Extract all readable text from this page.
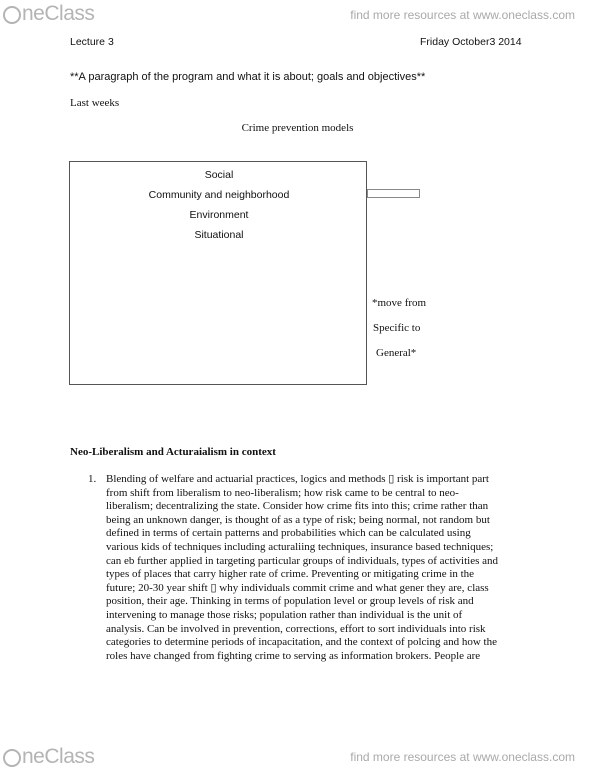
neClass	find more resources at www.oneclass.com
Lecture 3	Friday October3 2014
**A paragraph of the program and what it is about; goals and objectives**
Last weeks
Crime prevention models
Social
Community and neighborhood
Environment
Situational
*move from
Specific to
General*
Neo-Liberalism and Acturaialism in context
1. Blending of welfare and actuarial practices, logics and methods ▯ risk is important part

from shift from liberalism to neo-liberalism; how risk came to be central to neo-

liberalism; decentralizing the state. Consider how crime fits into this; crime rather than

being an unknown danger, is thought of as a type of risk; being normal, not random but

defined in terms of certain patterns and probabilities which can be calculated using

various kids of techniques including acturaliing techniques, insurance based techniques;

can eb further applied in targeting particular groups of individuals, types of activities and

types of places that carry higher rate of crime. Preventing or mitigating crime in the

future; 20-30 year shift ▯ why individuals commit crime and what gener they are, class

position, their age. Thinking in terms of population level or group levels of risk and

intervening to manage those risks; population rather than individual is the unit of

analysis. Can be involved in prevention, corrections, effort to sort individuals into risk

categories to determine periods of incapacitation, and the context of polcing and how the

roles have changed from fighting crime to serving as information brokers. People are

neClass	find more resources at www.oneclass.com
